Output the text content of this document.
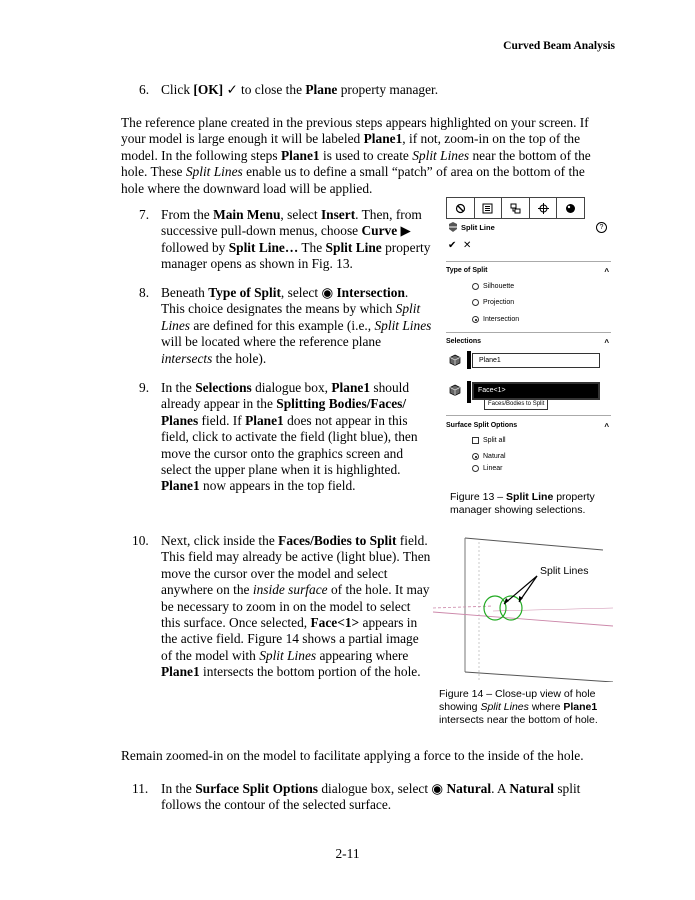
Curved Beam Analysis
6. Click [OK] ✓ to close the Plane property manager.
The reference plane created in the previous steps appears highlighted on your screen. If your model is large enough it will be labeled Plane1, if not, zoom-in on the top of the model. In the following steps Plane1 is used to create Split Lines near the bottom of the hole. These Split Lines enable us to define a small “patch” of area on the bottom of the hole where the downward load will be applied.
7. From the Main Menu, select Insert. Then, from successive pull-down menus, choose Curve ▶ followed by Split Line… The Split Line property manager opens as shown in Fig. 13.
8. Beneath Type of Split, select ◉ Intersection. This choice designates the means by which Split Lines are defined for this example (i.e., Split Lines will be located where the reference plane intersects the hole).
9. In the Selections dialogue box, Plane1 should already appear in the Splitting Bodies/Faces/ Planes field. If Plane1 does not appear in this field, click to activate the field (light blue), then move the cursor onto the graphics screen and select the upper plane when it is highlighted. Plane1 now appears in the top field.
Split Line	?
✔ ✕
Type of Split	^
Silhouette
Projection
Intersection
Selections	^
Plane1
Face<1>
Faces/Bodies to Split
Surface Split Options	^
Split all
Natural
Linear
Figure 13 – Split Line property manager showing selections.
10. Next, click inside the Faces/Bodies to Split field. This field may already be active (light blue). Then move the cursor over the model and select anywhere on the inside surface of the hole. It may be necessary to zoom in on the model to select this surface. Once selected, Face<1> appears in the active field. Figure 14 shows a partial image of the model with Split Lines appearing where Plane1 intersects the bottom portion of the hole.
Split Lines
Figure 14 – Close-up view of hole showing Split Lines where Plane1 intersects near the bottom of hole.
Remain zoomed-in on the model to facilitate applying a force to the inside of the hole.
11. In the Surface Split Options dialogue box, select ◉ Natural. A Natural split follows the contour of the selected surface.
2-11
